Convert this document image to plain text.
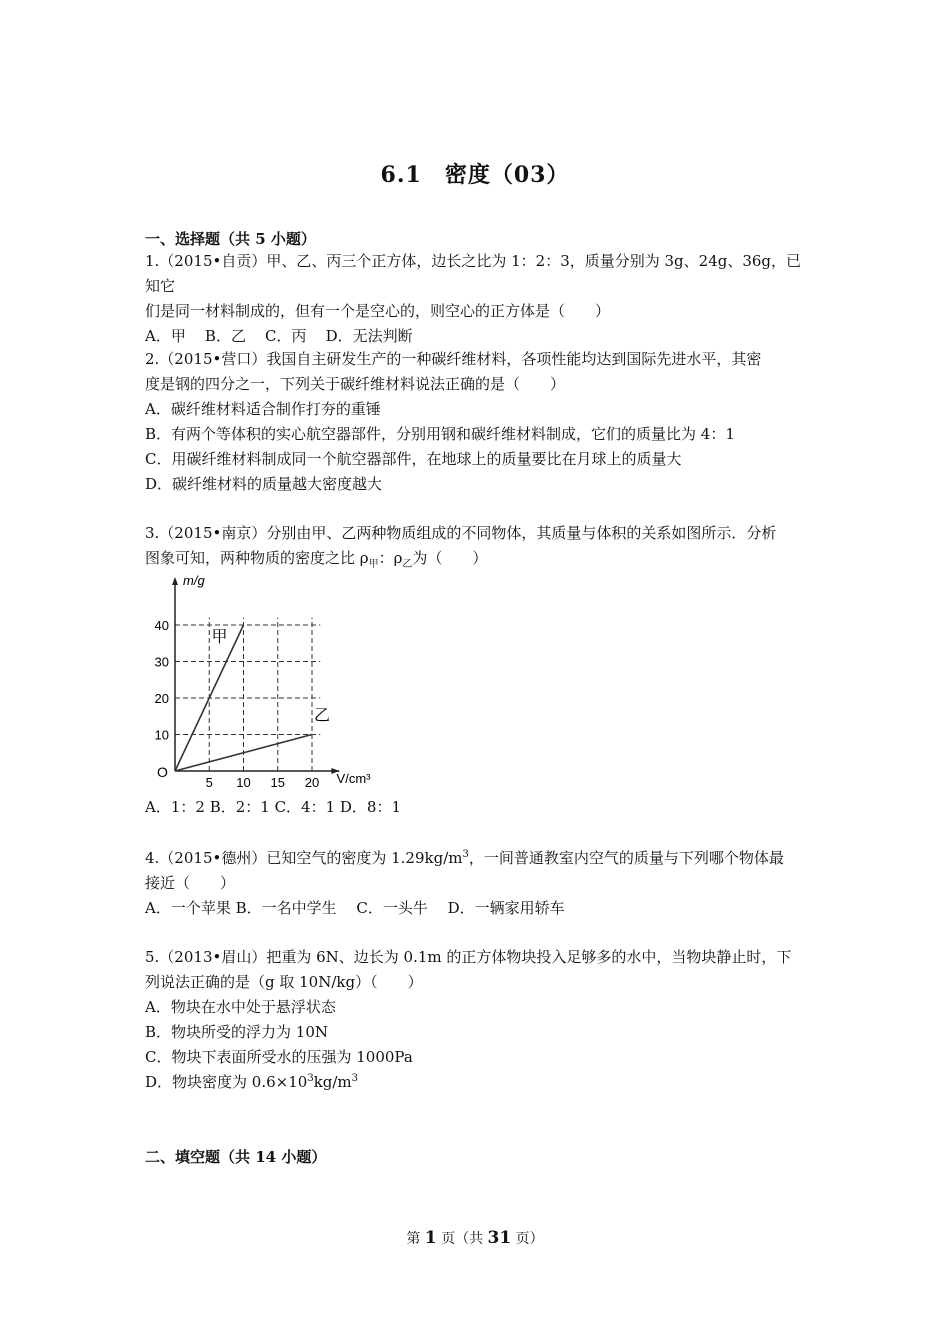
6.1　密度（03）
一、选择题（共 5 小题）

1.（2015•自贡）甲、乙、丙三个正方体，边长之比为 1：2：3，质量分别为 3g、24g、36g，已知它

们是同一材料制成的，但有一个是空心的，则空心的正方体是（　　）

A．甲 B．乙 C．丙 D．无法判断

2.（2015•营口）我国自主研发生产的一种碳纤维材料，各项性能均达到国际先进水平，其密

度是钢的四分之一，下列关于碳纤维材料说法正确的是（　　）

A．碳纤维材料适合制作打夯的重锤

B．有两个等体积的实心航空器部件，分别用钢和碳纤维材料制成，它们的质量比为 4：1

C．用碳纤维材料制成同一个航空器部件，在地球上的质量要比在月球上的质量大

D．碳纤维材料的质量越大密度越大

3.（2015•南京）分别由甲、乙两种物质组成的不同物体，其质量与体积的关系如图所示．分析

图象可知，两种物质的密度之比 $\rho_甲$：$\rho_乙$为（　　）

10
20
30
40
5 10 15 20
甲
乙
m/g
V/cm³
O
A．1：2 B．2：1 C．4：1 D．8：1

4.（2015•德州）已知空气的密度为 $1.29kg/m^3$，一间普通教室内空气的质量与下列哪个物体最

接近（　　）

A．一个苹果 B．一名中学生　 C．一头牛　 D．一辆家用轿车

5.（2013•眉山）把重为 6N、边长为 0.1m 的正方体物块投入足够多的水中，当物块静止时，下

列说法正确的是（g 取 10N/kg）（　　）

A．物块在水中处于悬浮状态

B．物块所受的浮力为 10N

C．物块下表面所受水的压强为 1000Pa

D．物块密度为 $0.6\times 10^3kg/m^3$

二、填空题（共 14 小题）
第 1 页（共 31 页）
